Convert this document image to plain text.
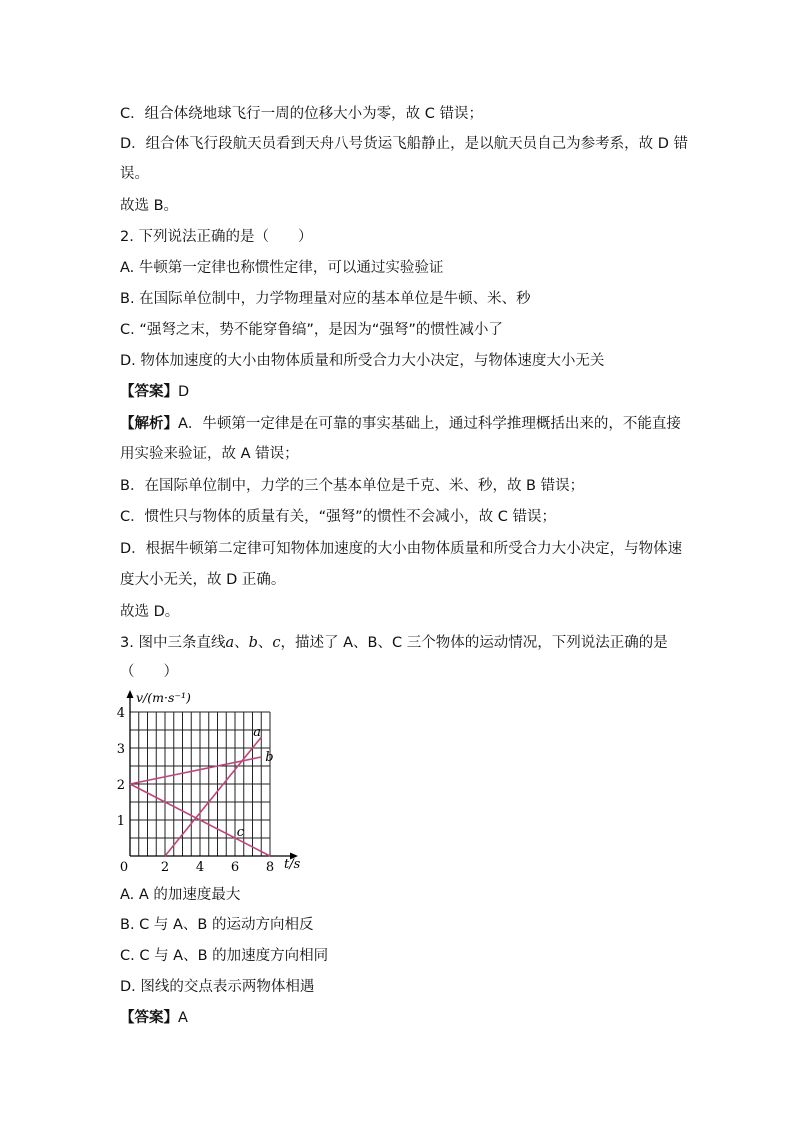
C．组合体绕地球飞行一周的位移大小为零，故 C 错误；
D．组合体飞行段航天员看到天舟八号货运飞船静止，是以航天员自己为参考系，故 D 错
误。
故选 B。
2. 下列说法正确的是（　　）
A. 牛顿第一定律也称惯性定律，可以通过实验验证
B. 在国际单位制中，力学物理量对应的基本单位是牛顿、米、秒
C. “强弩之末，势不能穿鲁缟”，是因为“强弩”的惯性减小了
D. 物体加速度的大小由物体质量和所受合力大小决定，与物体速度大小无关
【答案】D
【解析】A．牛顿第一定律是在可靠的事实基础上，通过科学推理概括出来的，不能直接
用实验来验证，故 A 错误；
B．在国际单位制中，力学的三个基本单位是千克、米、秒，故 B 错误；
C．惯性只与物体的质量有关，“强弩”的惯性不会减小，故 C 错误；
D．根据牛顿第二定律可知物体加速度的大小由物体质量和所受合力大小决定，与物体速
度大小无关，故 D 正确。
故选 D。
3. 图中三条直线a、b、c，描述了 A、B、C 三个物体的运动情况，下列说法正确的是
（　　）
0	2 4 6 8
1
2
3
4
v/(m·s⁻¹)
t/s
a
b
c
A. A 的加速度最大
B. C 与 A、B 的运动方向相反
C. C 与 A、B 的加速度方向相同
D. 图线的交点表示两物体相遇
【答案】A
